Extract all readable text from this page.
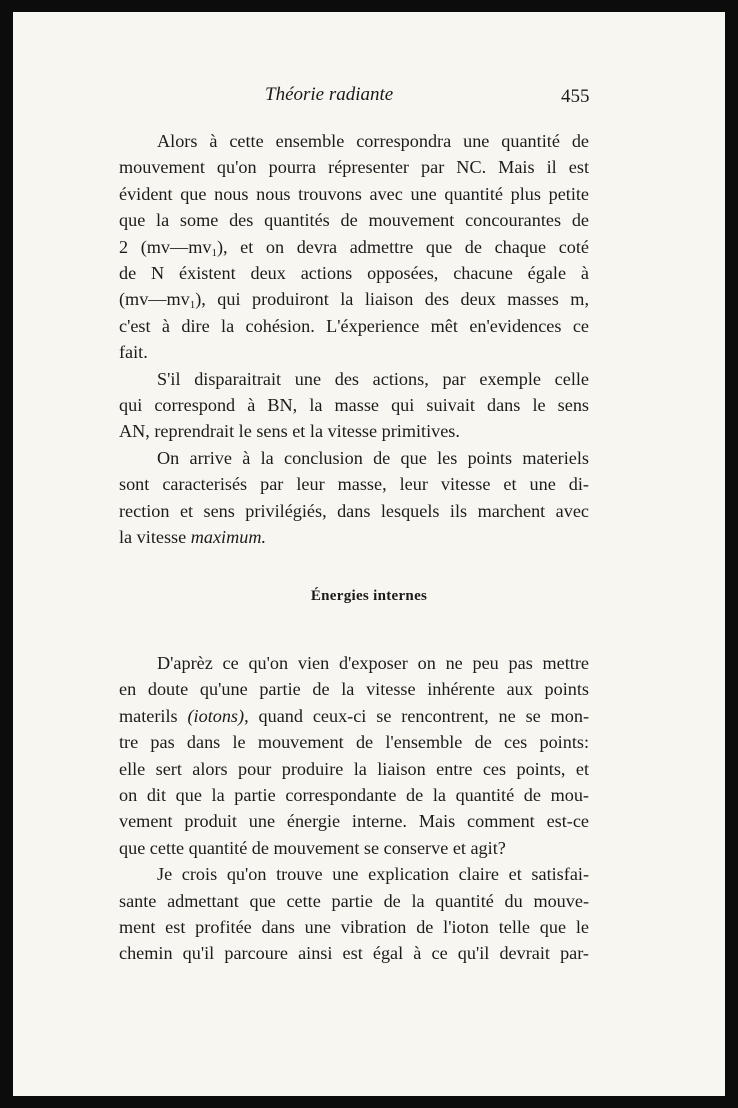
Théorie radiante	455

Alors à cette ensemble correspondra une quantité de
mouvement qu'on pourra répresenter par NC. Mais il est
évident que nous nous trouvons avec une quantité plus petite
que la some des quantités de mouvement concourantes de
2 $(mv—mv_1)$, et on devra admettre que de chaque coté
de N éxistent deux actions opposées, chacune égale à
$(mv—mv_1)$, qui produiront la liaison des deux masses m,
c'est à dire la cohésion. L'éxperience mêt en'evidences ce
fait.

S'il disparaitrait une des actions, par exemple celle
qui correspond à BN, la masse qui suivait dans le sens
AN, reprendrait le sens et la vitesse primitives.

On arrive à la conclusion de que les points materiels
sont caracterisés par leur masse, leur vitesse et une di-
rection et sens privilégiés, dans lesquels ils marchent avec
la vitesse maximum.

Énergies internes

D'aprèz ce qu'on vien d'exposer on ne peu pas mettre
en doute qu'une partie de la vitesse inhérente aux points
materils (iotons), quand ceux-ci se rencontrent, ne se mon-
tre pas dans le mouvement de l'ensemble de ces points:
elle sert alors pour produire la liaison entre ces points, et
on dit que la partie correspondante de la quantité de mou-
vement produit une énergie interne. Mais comment est-ce
que cette quantité de mouvement se conserve et agit?

Je crois qu'on trouve une explication claire et satisfai-
sante admettant que cette partie de la quantité du mouve-
ment est profitée dans une vibration de l'ioton telle que le
chemin qu'il parcoure ainsi est égal à ce qu'il devrait par-
